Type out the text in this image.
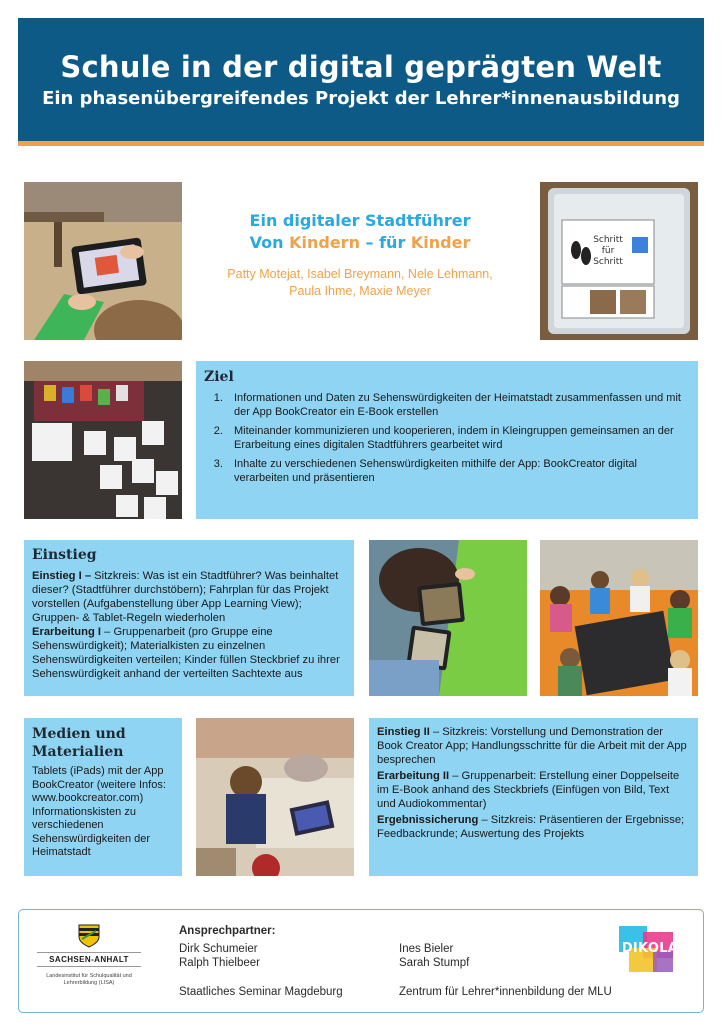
Schule in der digital geprägten Welt
Ein phasenübergreifendes Projekt der Lehrer*innenausbildung
Ein digitaler Stadtführer
Von Kindern – für Kinder
Patty Motejat, Isabel Breymann, Nele Lehmann,
Paula Ihme, Maxie Meyer
Schritt
für
Schritt
Ziel
1. Informationen und Daten zu Sehenswürdigkeiten der Heimatstadt zusammenfassen und mit der App BookCreator ein E-Book erstellen
2. Miteinander kommunizieren und kooperieren, indem in Kleingruppen gemeinsamen an der Erarbeitung eines digitalen Stadtführers gearbeitet wird
3. Inhalte zu verschiedenen Sehenswürdigkeiten mithilfe der App: BookCreator digital verarbeiten und präsentieren
Einstieg
Einstieg I – Sitzkreis: Was ist ein Stadtführer? Was beinhaltet dieser? (Stadtführer durchstöbern); Fahrplan für das Projekt vorstellen (Aufgabenstellung über App Learning View); Gruppen- & Tablet-Regeln wiederholen
Erarbeitung I – Gruppenarbeit (pro Gruppe eine Sehenswürdigkeit); Materialkisten zu einzelnen Sehenswürdigkeiten verteilen; Kinder füllen Steckbrief zu ihrer Sehenswürdigkeit anhand der verteilten Sachtexte aus
Medien und
Materialien
Tablets (iPads) mit der App BookCreator (weitere Infos: www.bookcreator.com) Informationskisten zu verschiedenen Sehenswürdigkeiten der Heimatstadt
Einstieg II – Sitzkreis: Vorstellung und Demonstration der Book Creator App; Handlungsschritte für die Arbeit mit der App besprechen
Erarbeitung II – Gruppenarbeit: Erstellung einer Doppelseite im E-Book anhand des Steckbriefs (Einfügen von Bild, Text und Audiokommentar)
Ergebnissicherung – Sitzkreis: Präsentieren der Ergebnisse; Feedbackrunde; Auswertung des Projekts
SACHSEN-ANHALT
Landesinstitut für Schulqualität und Lehrerbildung (LISA)
Ansprechpartner:
Dirk Schumeier
Ralph Thielbeer
Staatliches Seminar Magdeburg
Ines Bieler
Sarah Stumpf
Zentrum für Lehrer*innenbildung der MLU
DIKOLA
